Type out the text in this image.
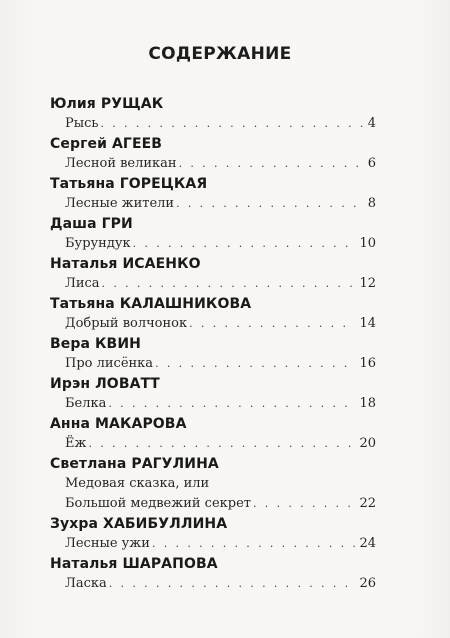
СОДЕРЖАНИЕ
Юлия РУЩАК
Рысь . . .	4
Сергей АГЕЕВ
Лесной великан . . .	6
Татьяна ГОРЕЦКАЯ
Лесные жители . . .	8
Даша ГРИ
Бурундук . . .	10
Наталья ИСАЕНКО
Лиса . . .	12
Татьяна КАЛАШНИКОВА
Добрый волчонок . . .	14
Вера КВИН
Про лисёнка . . .	16
Ирэн ЛОВАТТ
Белка . . .	18
Анна МАКАРОВА
Ёж . . .	20
Светлана РАГУЛИНА
Медовая сказка, или
Большой медвежий секрет . . .	22
Зухра ХАБИБУЛЛИНА
Лесные ужи . . .	24
Наталья ШАРАПОВА
Ласка . . .	26
